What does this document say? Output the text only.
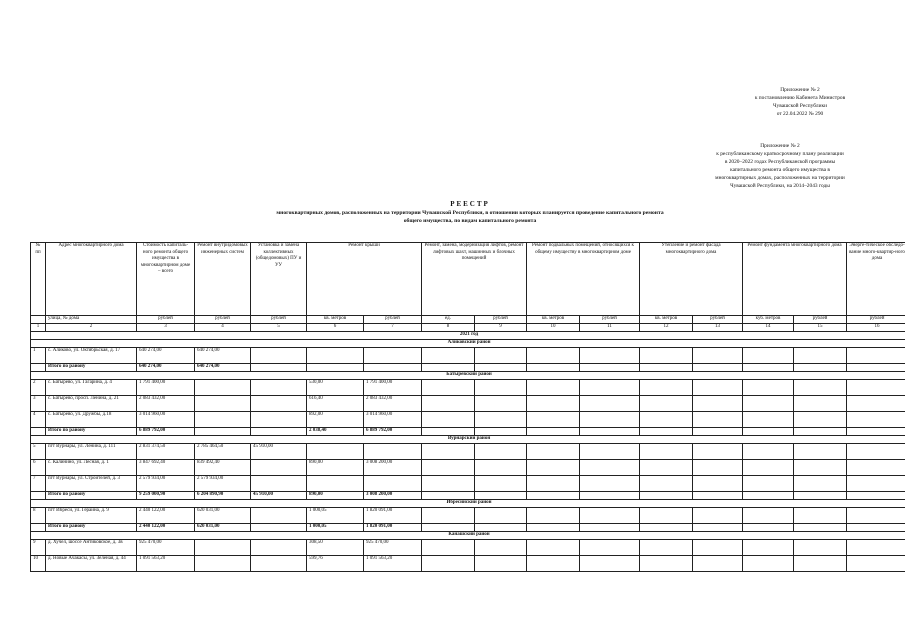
Приложение № 2
к постановлению Кабинета Министров
Чувашской Республики
от 22.04.2022 № 290
Приложение № 2
к республиканскому краткосрочному плану реализации
в 2020–2022 годах Республиканской программы
капитального ремонта общего имущества в
многоквартирных домах, расположенных на территории
Чувашской Республики, на 2014–2043 годы
РЕЕСТР
многоквартирных домов, расположенных на территории Чувашской Республики, в отношении которых планируется проведение капитального ремонта
общего имущества, по видам капитального ремонта
№ пп	Адрес многоквартирного дома	Стоимость капиталь-ного ремонта общего имущества в многоквартирном доме – всего	Ремонт внутридомовых инженерных систем	Установка и замена коллективных (общедомовых) ПУ и УУ	Ремонт крыши		Ремонт, замена, модернизация лифтов, ремонт лифтовых шахт, машинных и блочных помещений		Ремонт подвальных помещений, относящихся к общему имуществу в многоквартирном доме		Утепление и ремонт фасада многоквартирного дома		Ремонт фундамента многоквартирного дома		Энерге-тическое обследо-вание много-квартир-ного дома
	улица, № дома	рублей	рублей	рублей	кв. метров	рублей	ед.	рублей	кв. метров	рублей	кв. метров	рублей	куб. метров	рублей	рублей
1	2	3	4	5	6	7	8	9	10	11	12	13	14	15	16
2021 год															
Аликовский район															
1	с. Аликово, ул. Октябрьская, д. 17	640 274,00	640 274,00												
	Итого по району	640 274,00	640 274,00												
Батыревский район															
2	с. Батырево, ул. Гагарина, д. 4	1 791 400,00			530,00	1 791 400,00									
3	с. Батырево, просп. Ленина, д. 21	2 083 432,00			616,40	2 083 432,00									
4	с. Батырево, ул. Дружбы, д.18	3 014 960,00			892,00	3 014 960,00									
	Итого по району	6 889 792,00			2 038,40	6 889 792,00									
Вурнарский район															
5	пгт Вурнары, ул. Ленина, д. 111	2 831 374,50	2 785 464,50	45 910,00											
6	с. Калинино, ул. Лесная, д. 1	3 847 692,40	839 492,40		890,00	3 008 200,00									
7	пгт Вурнары, ул. Строителей, д. 3	2 579 934,00	2 579 934,00												
	Итого по району	9 259 000,90	6 204 890,90	45 910,00	890,00	3 008 200,00									
Ибресинский район															
8	пгт Ибреси, ул. Гераина, д. 9	2 440 122,00	620 031,00		1 000,05	1 820 091,00									
	Итого по району	2 440 122,00	620 031,00		1 000,05	1 820 091,00									
Канашский район															
9	д. Хучел, шоссе Антиковское, д. 3в	925 470,00			308,50	925 470,00									
10	д. Новые Ачакасы, ул. Зеленая, д. 44	1 091 563,20			599,76	1 091 563,20									
